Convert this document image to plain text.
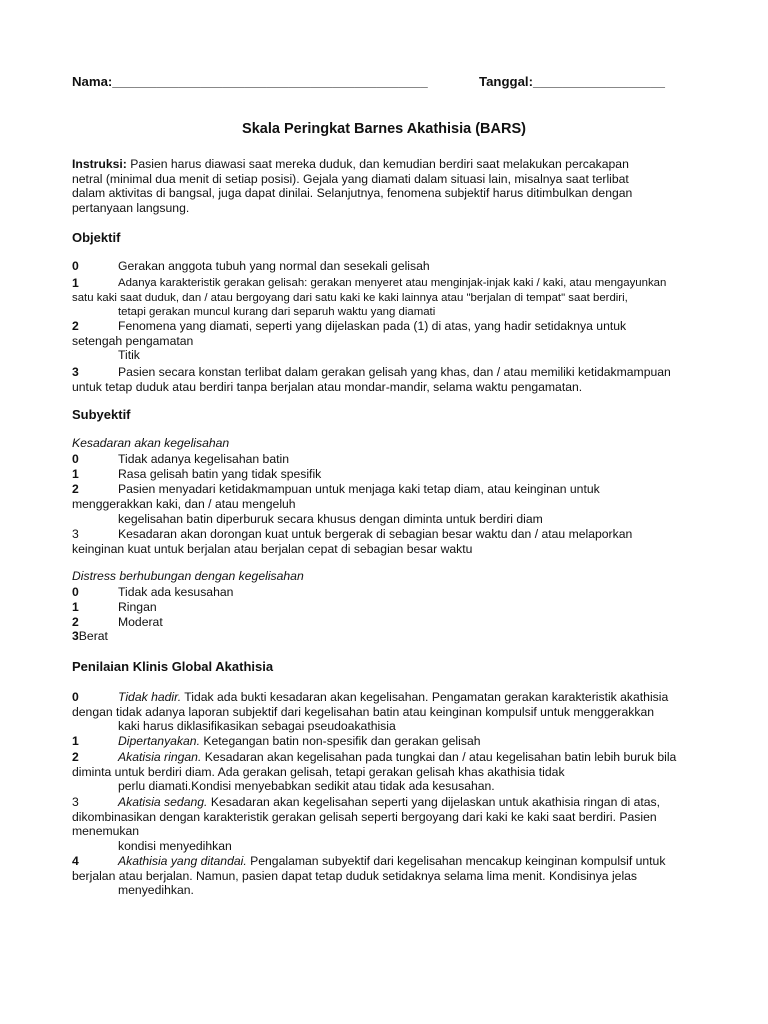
Nama:___________________________________________	Tanggal:__________________
Skala Peringkat Barnes Akathisia (BARS)
Instruksi: Pasien harus diawasi saat mereka duduk, dan kemudian berdiri saat melakukan percakapan
netral (minimal dua menit di setiap posisi). Gejala yang diamati dalam situasi lain, misalnya saat terlibat
dalam aktivitas di bangsal, juga dapat dinilai. Selanjutnya, fenomena subjektif harus ditimbulkan dengan
pertanyaan langsung.
Objektif
0	Gerakan anggota tubuh yang normal dan sesekali gelisah
1	Adanya karakteristik gerakan gelisah: gerakan menyeret atau menginjak-injak kaki / kaki, atau mengayunkan
satu kaki saat duduk, dan / atau bergoyang dari satu kaki ke kaki lainnya atau "berjalan di tempat" saat berdiri,
tetapi gerakan muncul kurang dari separuh waktu yang diamati
2	Fenomena yang diamati, seperti yang dijelaskan pada (1) di atas, yang hadir setidaknya untuk
setengah pengamatan
Titik
3	Pasien secara konstan terlibat dalam gerakan gelisah yang khas, dan / atau memiliki ketidakmampuan
untuk tetap duduk atau berdiri tanpa berjalan atau mondar-mandir, selama waktu pengamatan.
Subyektif
Kesadaran akan kegelisahan
0	Tidak adanya kegelisahan batin
1	Rasa gelisah batin yang tidak spesifik
2	Pasien menyadari ketidakmampuan untuk menjaga kaki tetap diam, atau keinginan untuk
menggerakkan kaki, dan / atau mengeluh
kegelisahan batin diperburuk secara khusus dengan diminta untuk berdiri diam
3	Kesadaran akan dorongan kuat untuk bergerak di sebagian besar waktu dan / atau melaporkan
keinginan kuat untuk berjalan atau berjalan cepat di sebagian besar waktu
Distress berhubungan dengan kegelisahan
0	Tidak ada kesusahan
1	Ringan
2	Moderat
3Berat
Penilaian Klinis Global Akathisia
0	Tidak hadir. Tidak ada bukti kesadaran akan kegelisahan. Pengamatan gerakan karakteristik akathisia
dengan tidak adanya laporan subjektif dari kegelisahan batin atau keinginan kompulsif untuk menggerakkan
kaki harus diklasifikasikan sebagai pseudoakathisia
1	Dipertanyakan. Ketegangan batin non-spesifik dan gerakan gelisah
2	Akatisia ringan. Kesadaran akan kegelisahan pada tungkai dan / atau kegelisahan batin lebih buruk bila
diminta untuk berdiri diam. Ada gerakan gelisah, tetapi gerakan gelisah khas akathisia tidak
perlu diamati.Kondisi menyebabkan sedikit atau tidak ada kesusahan.
3	Akatisia sedang. Kesadaran akan kegelisahan seperti yang dijelaskan untuk akathisia ringan di atas,
dikombinasikan dengan karakteristik gerakan gelisah seperti bergoyang dari kaki ke kaki saat berdiri. Pasien
menemukan
kondisi menyedihkan
4	Akathisia yang ditandai. Pengalaman subyektif dari kegelisahan mencakup keinginan kompulsif untuk
berjalan atau berjalan. Namun, pasien dapat tetap duduk setidaknya selama lima menit. Kondisinya jelas
menyedihkan.
